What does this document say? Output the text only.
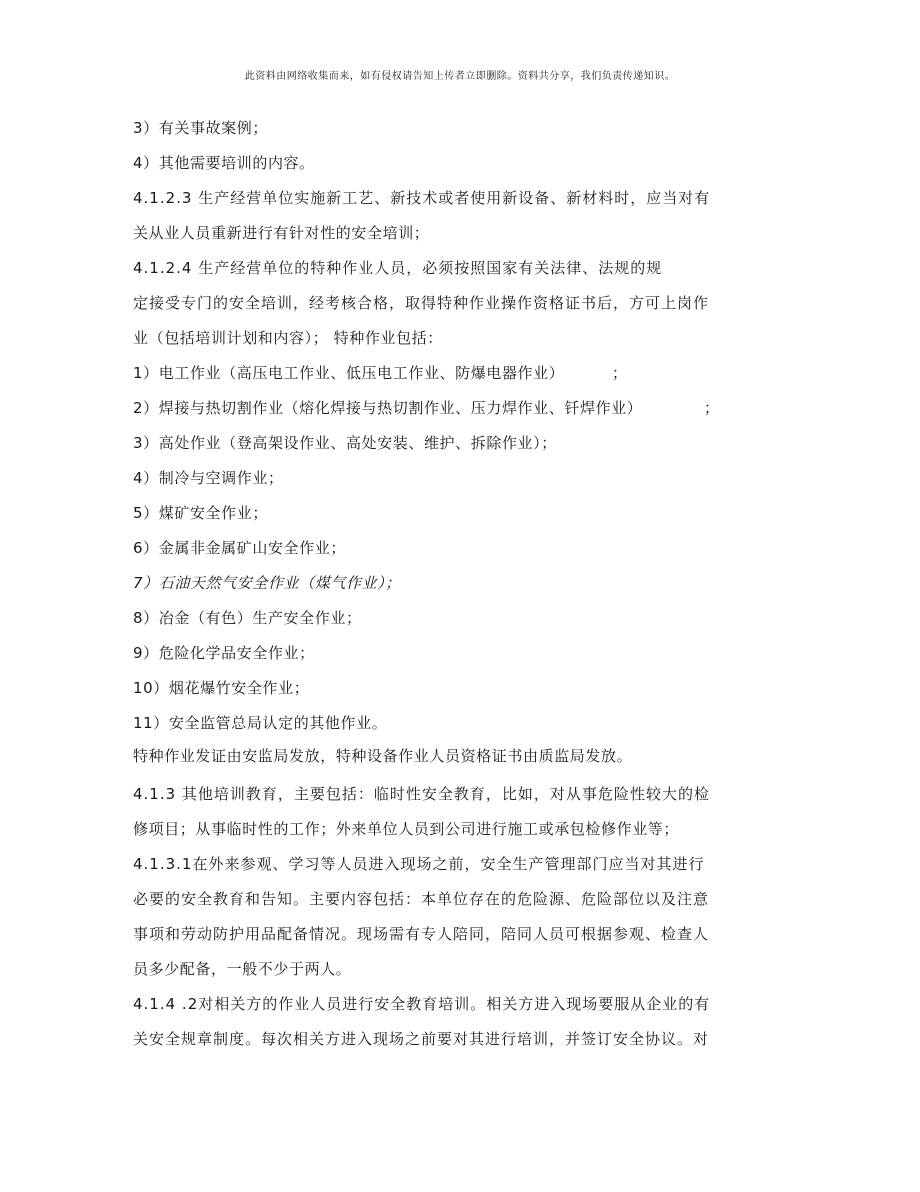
此资料由网络收集而来，如有侵权请告知上传者立即删除。资料共分享，我们负责传递知识。
3）有关事故案例；
4）其他需要培训的内容。
4.1.2.3 生产经营单位实施新工艺、新技术或者使用新设备、新材料时，应当对有
关从业人员重新进行有针对性的安全培训；
4.1.2.4 生产经营单位的特种作业人员，必须按照国家有关法律、法规的规
定接受专门的安全培训，经考核合格，取得特种作业操作资格证书后，方可上岗作
业（包括培训计划和内容）； 特种作业包括：
1）电工作业（高压电工作业、低压电工作业、防爆电器作业）	；
2）焊接与热切割作业（熔化焊接与热切割作业、压力焊作业、钎焊作业）	；
3）高处作业（登高架设作业、高处安装、维护、拆除作业）；
4）制冷与空调作业；
5）煤矿安全作业；
6）金属非金属矿山安全作业；
7）石油天然气安全作业（煤气作业）；
8）冶金（有色）生产安全作业；
9）危险化学品安全作业；
10）烟花爆竹安全作业；
11）安全监管总局认定的其他作业。
特种作业发证由安监局发放，特种设备作业人员资格证书由质监局发放。
4.1.3 其他培训教育，主要包括：临时性安全教育，比如，对从事危险性较大的检
修项目；从事临时性的工作；外来单位人员到公司进行施工或承包检修作业等；
4.1.3.1在外来参观、学习等人员进入现场之前，安全生产管理部门应当对其进行
必要的安全教育和告知。主要内容包括：本单位存在的危险源、危险部位以及注意
事项和劳动防护用品配备情况。现场需有专人陪同，陪同人员可根据参观、检查人
员多少配备，一般不少于两人。
4.1.4 .2对相关方的作业人员进行安全教育培训。相关方进入现场要服从企业的有
关安全规章制度。每次相关方进入现场之前要对其进行培训，并签订安全协议。对
